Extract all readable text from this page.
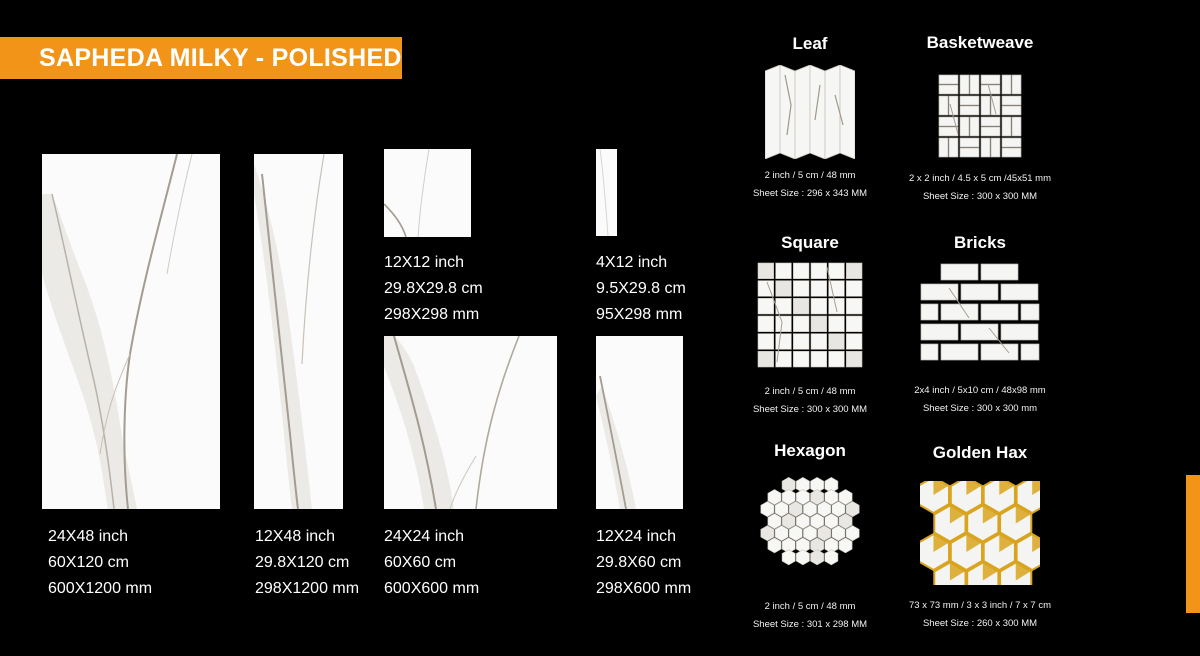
SAPHEDA MILKY - POLISHED
24X48 inch
60X120 cm
600X1200 mm
12X48 inch
29.8X120 cm
298X1200 mm
12X12 inch
29.8X29.8 cm
298X298 mm
4X12 inch
9.5X29.8 cm
95X298 mm
24X24 inch
60X60 cm
600X600 mm
12X24 inch
29.8X60 cm
298X600 mm
Leaf
2 inch / 5 cm / 48 mm
Sheet Size : 296 x 343 MM
Basketweave
2 x 2 inch / 4.5 x 5 cm /45x51 mm
Sheet Size : 300 x 300 MM
Square
2 inch / 5 cm / 48 mm
Sheet Size : 300 x 300 MM
Bricks
2x4 inch / 5x10 cm / 48x98 mm
Sheet Size : 300 x 300 mm
Hexagon
2 inch / 5 cm / 48 mm
Sheet Size : 301 x 298 MM
Golden Hax
73 x 73 mm / 3 x 3 inch / 7 x 7 cm
Sheet Size : 260 x 300 MM
